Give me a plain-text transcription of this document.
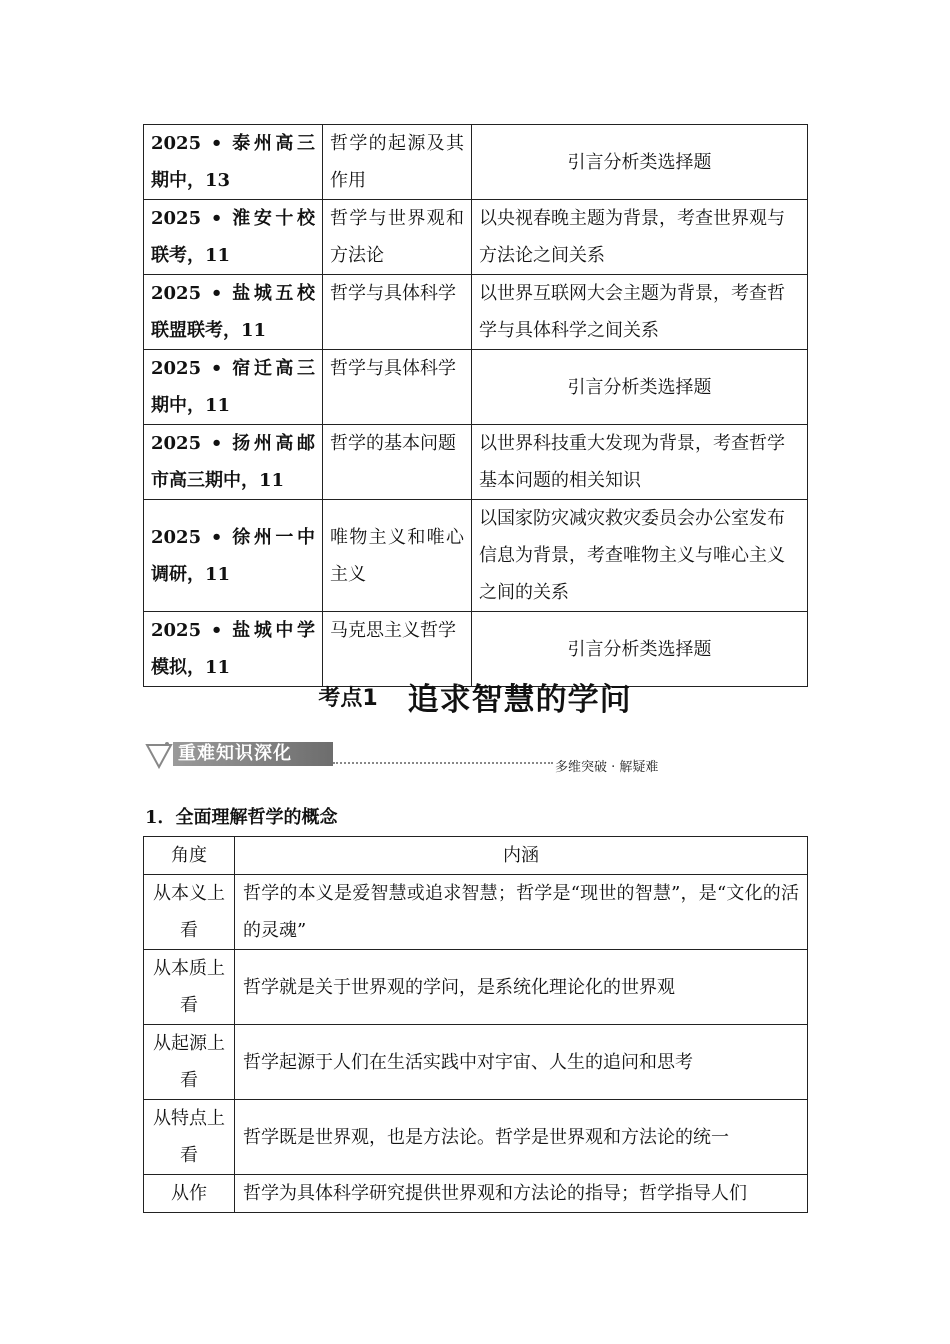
2025 • 泰州高三期中，13	哲学的起源及其作用	引言分析类选择题
2025 • 淮安十校联考，11	哲学与世界观和方法论	以央视春晚主题为背景，考查世界观与方法论之间关系
2025 • 盐城五校联盟联考，11	哲学与具体科学	以世界互联网大会主题为背景，考查哲学与具体科学之间关系
2025 • 宿迁高三期中，11	哲学与具体科学	引言分析类选择题
2025 • 扬州高邮市高三期中，11	哲学的基本问题	以世界科技重大发现为背景，考查哲学基本问题的相关知识
2025 • 徐州一中调研，11	唯物主义和唯心主义	以国家防灾减灾救灾委员会办公室发布信息为背景，考查唯物主义与唯心主义之间的关系
2025 • 盐城中学模拟，11	马克思主义哲学	引言分析类选择题
考点1 追求智慧的学问
重难知识深化
多维突破 · 解疑难
1．全面理解哲学的概念
角度	内涵
从本义上看	哲学的本义是爱智慧或追求智慧；哲学是“现世的智慧”，是“文化的活的灵魂”
从本质上看	哲学就是关于世界观的学问，是系统化理论化的世界观
从起源上看	哲学起源于人们在生活实践中对宇宙、人生的追问和思考
从特点上看	哲学既是世界观，也是方法论。哲学是世界观和方法论的统一
从作	哲学为具体科学研究提供世界观和方法论的指导；哲学指导人们
